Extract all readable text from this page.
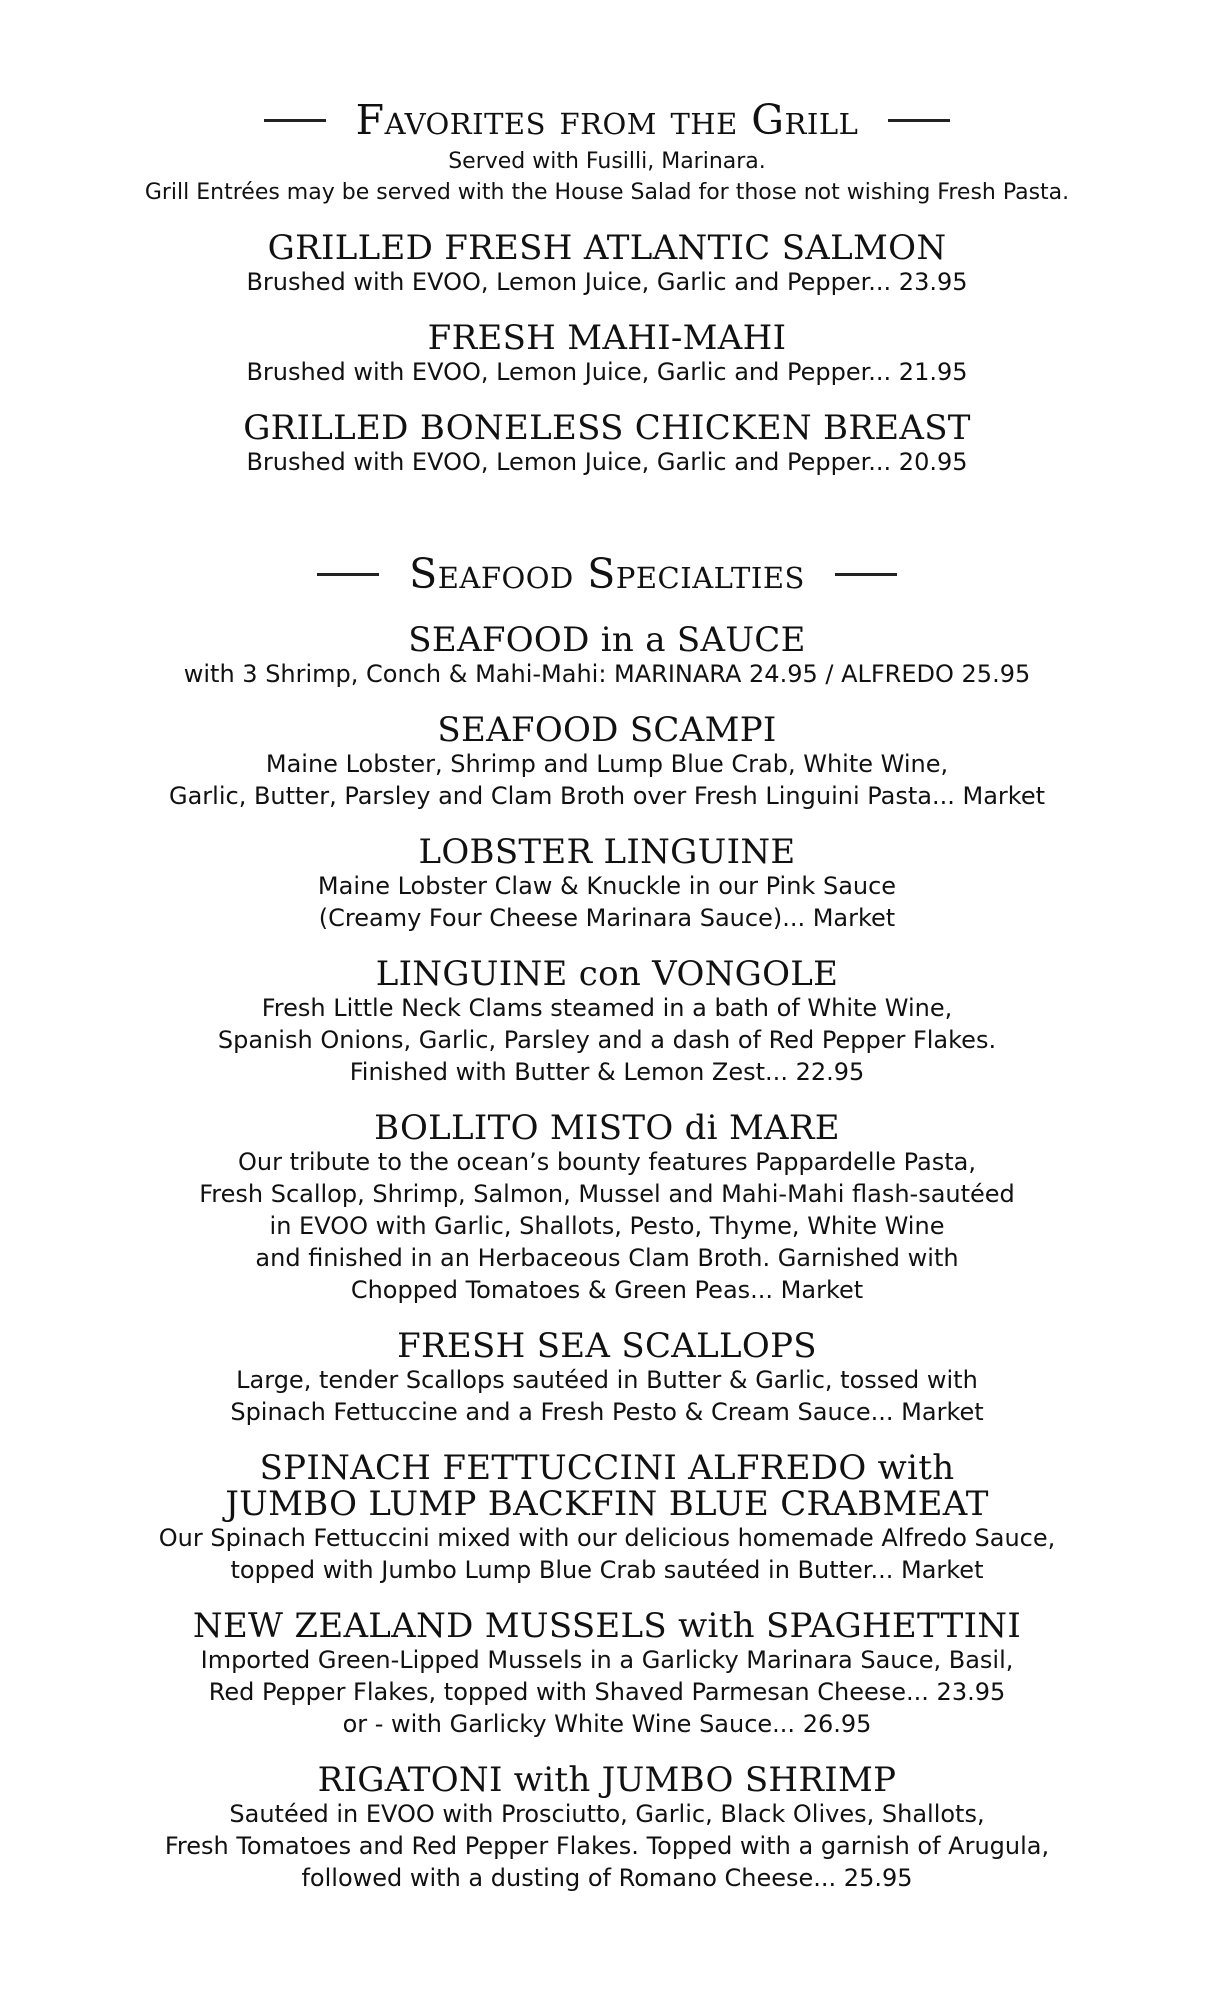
Favorites from the Grill
Served with Fusilli, Marinara.
Grill Entrées may be served with the House Salad for those not wishing Fresh Pasta.
GRILLED FRESH ATLANTIC SALMON
Brushed with EVOO, Lemon Juice, Garlic and Pepper... 23.95
FRESH MAHI-MAHI
Brushed with EVOO, Lemon Juice, Garlic and Pepper... 21.95
GRILLED BONELESS CHICKEN BREAST
Brushed with EVOO, Lemon Juice, Garlic and Pepper... 20.95
Seafood Specialties
SEAFOOD in a SAUCE
with 3 Shrimp, Conch & Mahi-Mahi: MARINARA 24.95 / ALFREDO 25.95
SEAFOOD SCAMPI
Maine Lobster, Shrimp and Lump Blue Crab, White Wine,
Garlic, Butter, Parsley and Clam Broth over Fresh Linguini Pasta... Market
LOBSTER LINGUINE
Maine Lobster Claw & Knuckle in our Pink Sauce
(Creamy Four Cheese Marinara Sauce)... Market
LINGUINE con VONGOLE
Fresh Little Neck Clams steamed in a bath of White Wine,
Spanish Onions, Garlic, Parsley and a dash of Red Pepper Flakes.
Finished with Butter & Lemon Zest... 22.95
BOLLITO MISTO di MARE
Our tribute to the ocean’s bounty features Pappardelle Pasta,
Fresh Scallop, Shrimp, Salmon, Mussel and Mahi-Mahi flash-sautéed
in EVOO with Garlic, Shallots, Pesto, Thyme, White Wine
and finished in an Herbaceous Clam Broth. Garnished with
Chopped Tomatoes & Green Peas... Market
FRESH SEA SCALLOPS
Large, tender Scallops sautéed in Butter & Garlic, tossed with
Spinach Fettuccine and a Fresh Pesto & Cream Sauce... Market
SPINACH FETTUCCINI ALFREDO with
JUMBO LUMP BACKFIN BLUE CRABMEAT
Our Spinach Fettuccini mixed with our delicious homemade Alfredo Sauce,
topped with Jumbo Lump Blue Crab sautéed in Butter... Market
NEW ZEALAND MUSSELS with SPAGHETTINI
Imported Green-Lipped Mussels in a Garlicky Marinara Sauce, Basil,
Red Pepper Flakes, topped with Shaved Parmesan Cheese... 23.95
or - with Garlicky White Wine Sauce... 26.95
RIGATONI with JUMBO SHRIMP
Sautéed in EVOO with Prosciutto, Garlic, Black Olives, Shallots,
Fresh Tomatoes and Red Pepper Flakes. Topped with a garnish of Arugula,
followed with a dusting of Romano Cheese... 25.95
